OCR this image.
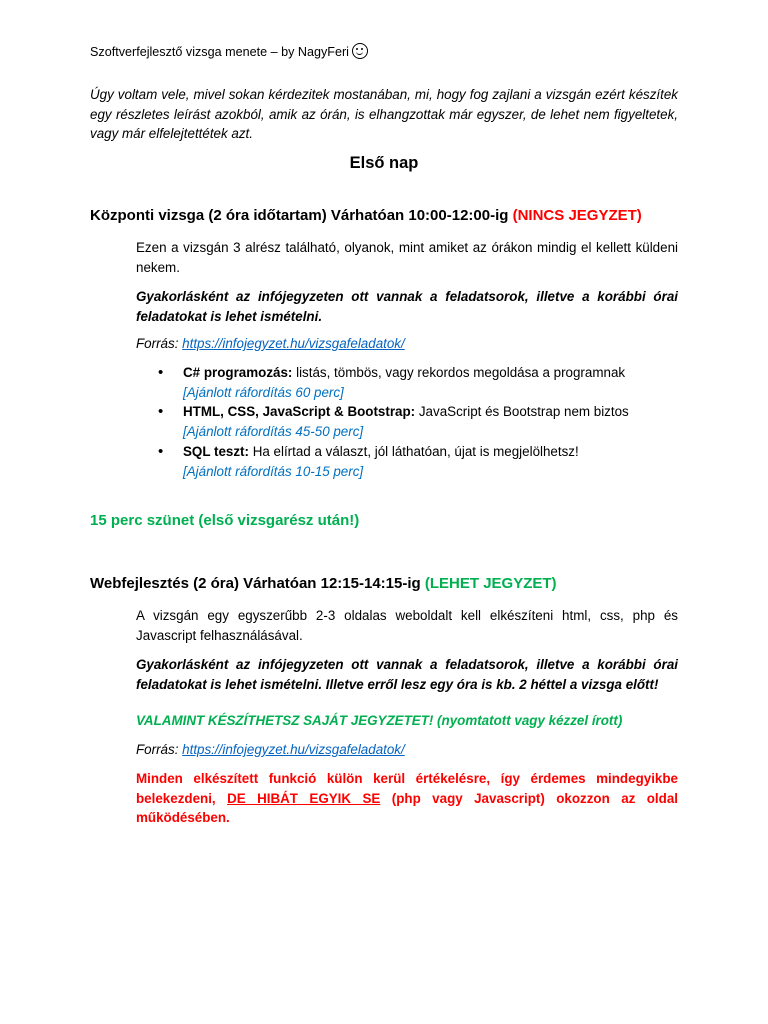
Szoftverfejlesztő vizsga menete – by NagyFeri
Úgy voltam vele, mivel sokan kérdezitek mostanában, mi, hogy fog zajlani a vizsgán ezért készítek egy részletes leírást azokból, amik az órán, is elhangzottak már egyszer, de lehet nem figyeltetek, vagy már elfelejtettétek azt.
Első nap
Központi vizsga (2 óra időtartam) Várhatóan 10:00-12:00-ig (NINCS JEGYZET)
Ezen a vizsgán 3 alrész található, olyanok, mint amiket az órákon mindig el kellett küldeni nekem.
Gyakorlásként az infójegyzeten ott vannak a feladatsorok, illetve a korábbi órai feladatokat is lehet ismételni.
Forrás: https://infojegyzet.hu/vizsgafeladatok/
• C# programozás: listás, tömbös, vagy rekordos megoldása a programnak
[Ajánlott ráfordítás 60 perc]
• HTML, CSS, JavaScript & Bootstrap: JavaScript és Bootstrap nem biztos
[Ajánlott ráfordítás 45-50 perc]
• SQL teszt: Ha elírtad a választ, jól láthatóan, újat is megjelölhetsz!
[Ajánlott ráfordítás 10-15 perc]
15 perc szünet (első vizsgarész után!)
Webfejlesztés (2 óra) Várhatóan 12:15-14:15-ig (LEHET JEGYZET)
A vizsgán egy egyszerűbb 2-3 oldalas weboldalt kell elkészíteni html, css, php és Javascript felhasználásával.
Gyakorlásként az infójegyzeten ott vannak a feladatsorok, illetve a korábbi órai feladatokat is lehet ismételni. Illetve erről lesz egy óra is kb. 2 héttel a vizsga előtt!
VALAMINT KÉSZÍTHETSZ SAJÁT JEGYZETET! (nyomtatott vagy kézzel írott)
Forrás: https://infojegyzet.hu/vizsgafeladatok/
Minden elkészített funkció külön kerül értékelésre, így érdemes mindegyikbe belekezdeni, DE HIBÁT EGYIK SE (php vagy Javascript) okozzon az oldal működésében.
